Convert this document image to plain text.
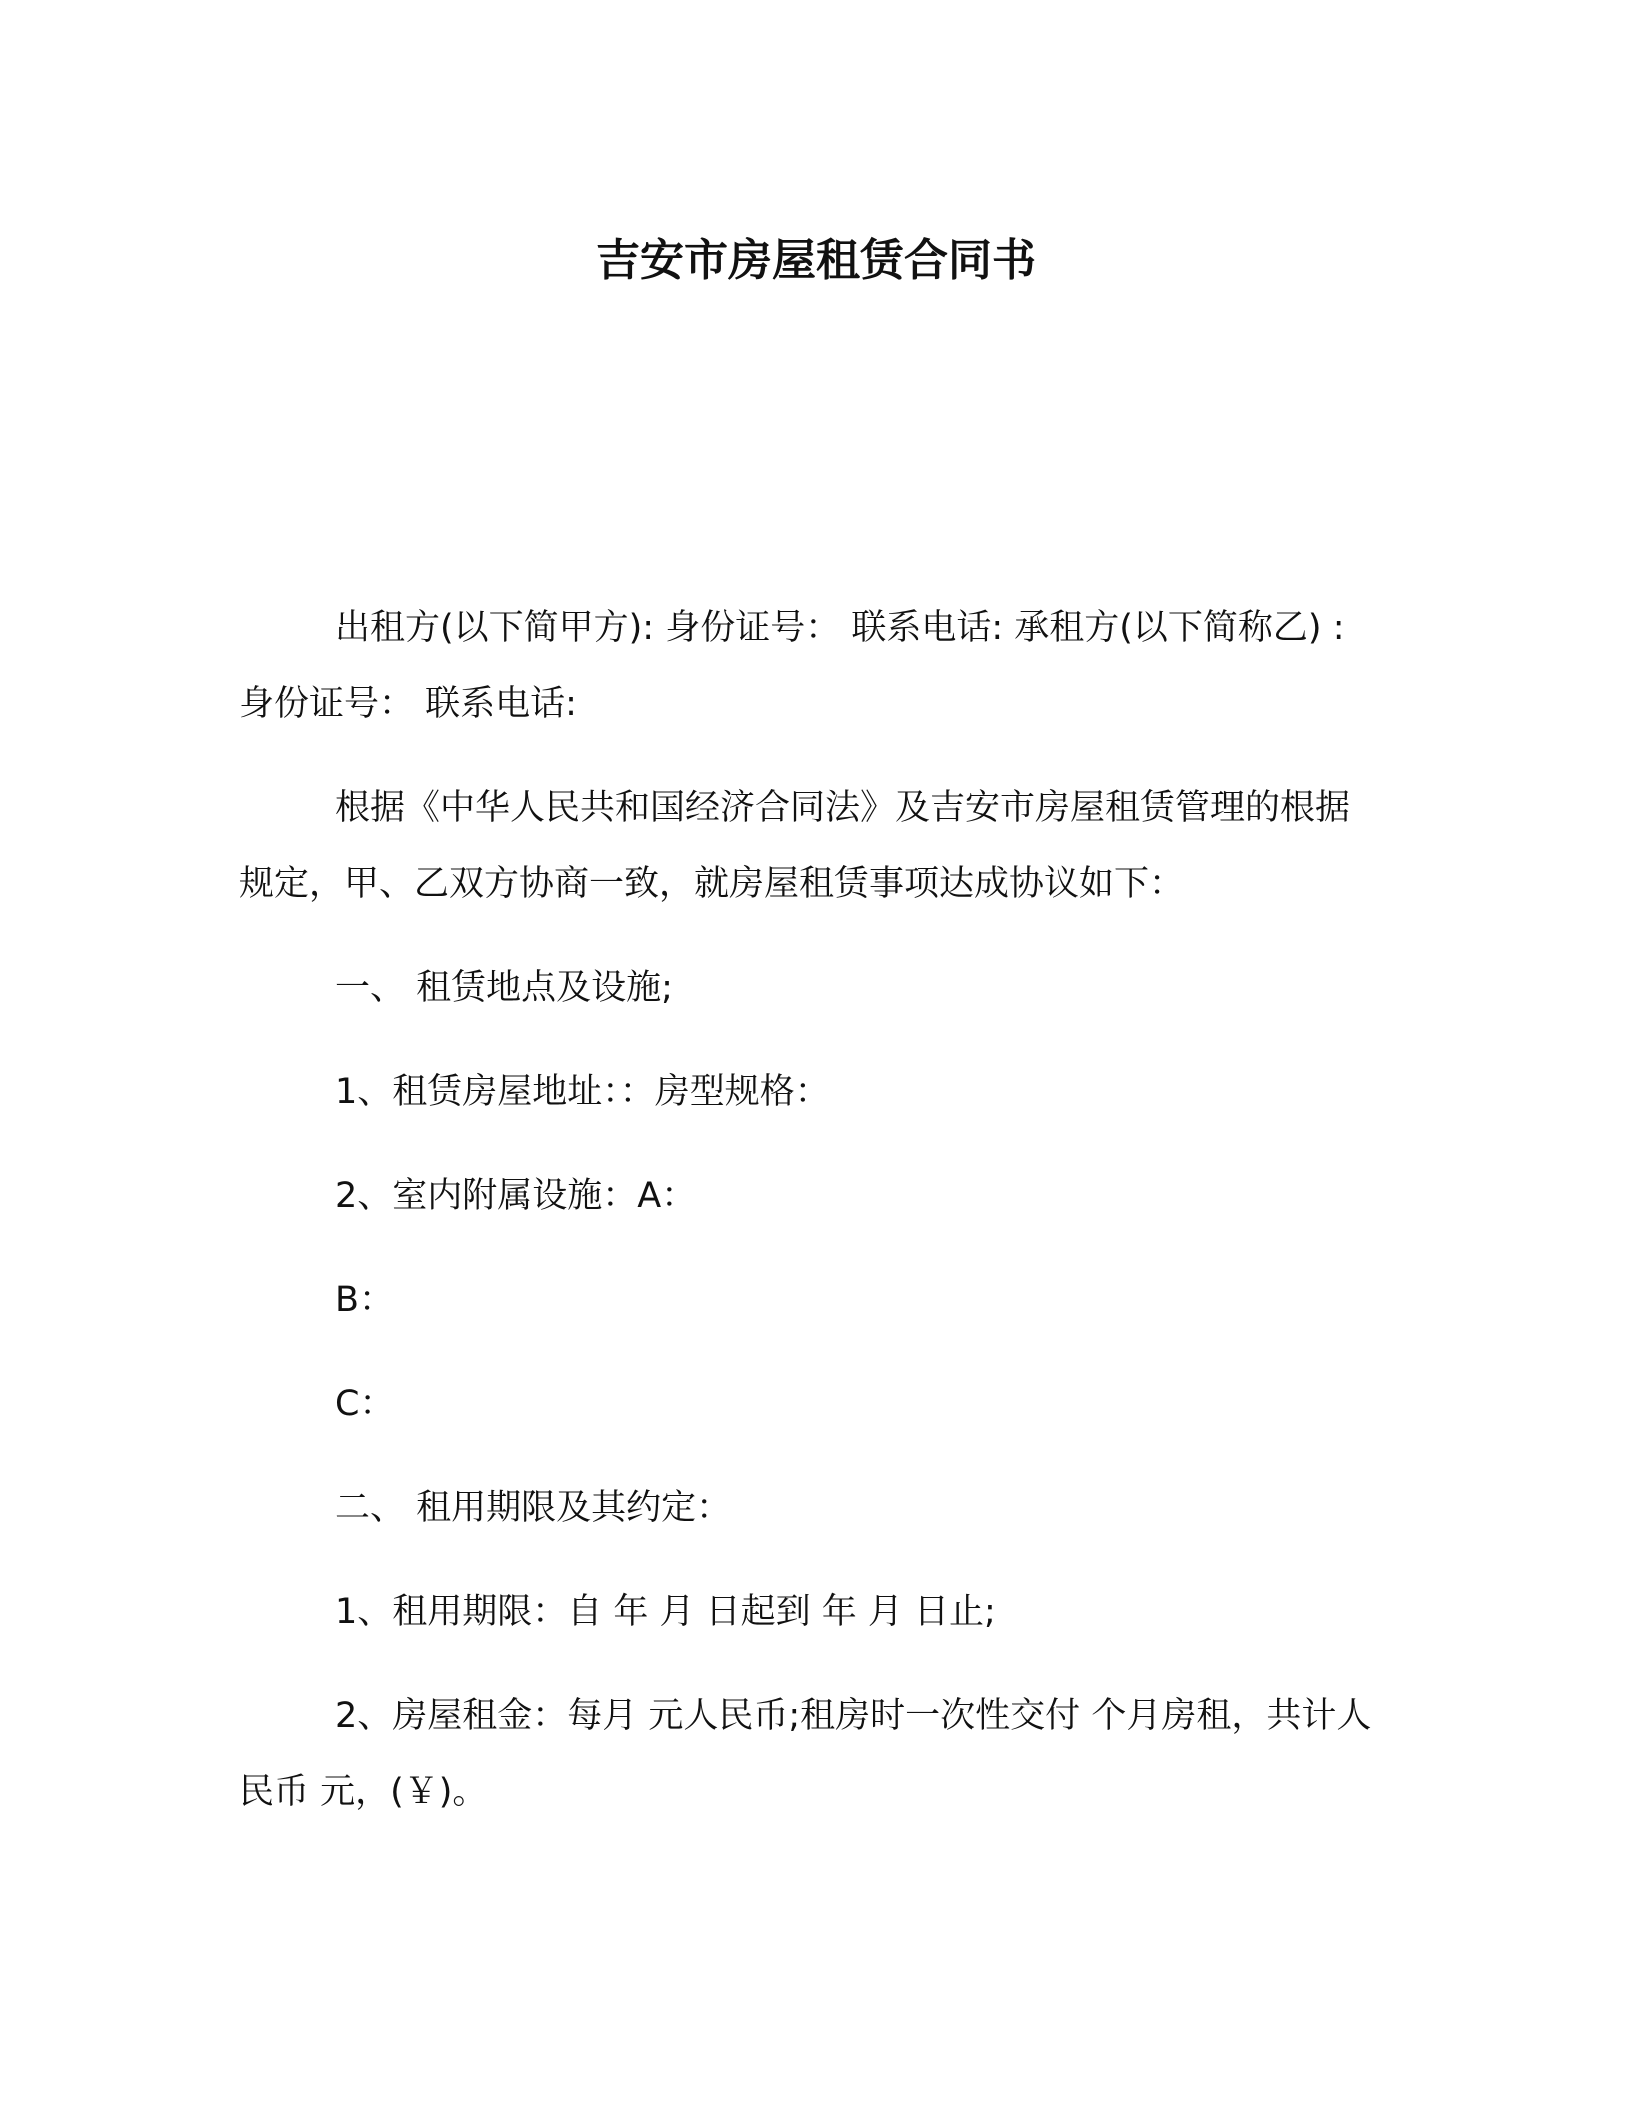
吉安市房屋租赁合同书

出租方(以下简甲方): 身份证号： 联系电话: 承租方(以下简称乙) : 身份证号： 联系电话:

根据《中华人民共和国经济合同法》及吉安市房屋租赁管理的根据规定，甲、乙双方协商一致，就房屋租赁事项达成协议如下：

一、 租赁地点及设施;

1、租赁房屋地址：：房型规格：

2、室内附属设施：A：

B：

C：

二、 租用期限及其约定：

1、租用期限：自 年 月 日起到 年 月 日止;

2、房屋租金：每月 元人民币;租房时一次性交付 个月房租，共计人民币 元，(￥)。
